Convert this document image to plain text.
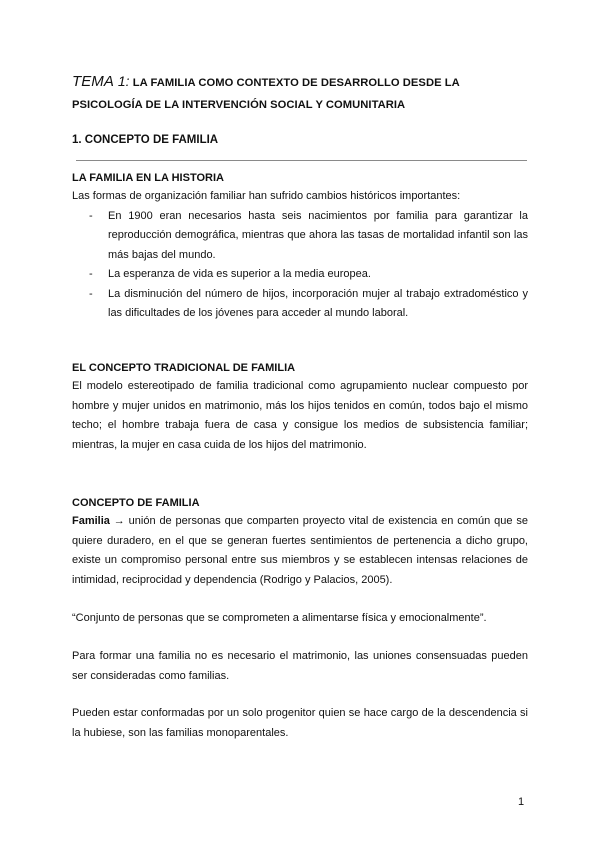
TEMA 1: LA FAMILIA COMO CONTEXTO DE DESARROLLO DESDE LA PSICOLOGÍA DE LA INTERVENCIÓN SOCIAL Y COMUNITARIA
1. CONCEPTO DE FAMILIA
LA FAMILIA EN LA HISTORIA
Las formas de organización familiar han sufrido cambios históricos importantes:
- En 1900 eran necesarios hasta seis nacimientos por familia para garantizar la reproducción demográfica, mientras que ahora las tasas de mortalidad infantil son las más bajas del mundo.
- La esperanza de vida es superior a la media europea.
- La disminución del número de hijos, incorporación mujer al trabajo extradoméstico y las dificultades de los jóvenes para acceder al mundo laboral.
EL CONCEPTO TRADICIONAL DE FAMILIA
El modelo estereotipado de familia tradicional como agrupamiento nuclear compuesto por hombre y mujer unidos en matrimonio, más los hijos tenidos en común, todos bajo el mismo techo; el hombre trabaja fuera de casa y consigue los medios de subsistencia familiar; mientras, la mujer en casa cuida de los hijos del matrimonio.
CONCEPTO DE FAMILIA
Familia → unión de personas que comparten proyecto vital de existencia en común que se quiere duradero, en el que se generan fuertes sentimientos de pertenencia a dicho grupo, existe un compromiso personal entre sus miembros y se establecen intensas relaciones de intimidad, reciprocidad y dependencia (Rodrigo y Palacios, 2005).
“Conjunto de personas que se comprometen a alimentarse física y emocionalmente”.
Para formar una familia no es necesario el matrimonio, las uniones consensuadas pueden ser consideradas como familias.
Pueden estar conformadas por un solo progenitor quien se hace cargo de la descendencia si la hubiese, son las familias monoparentales.
1
